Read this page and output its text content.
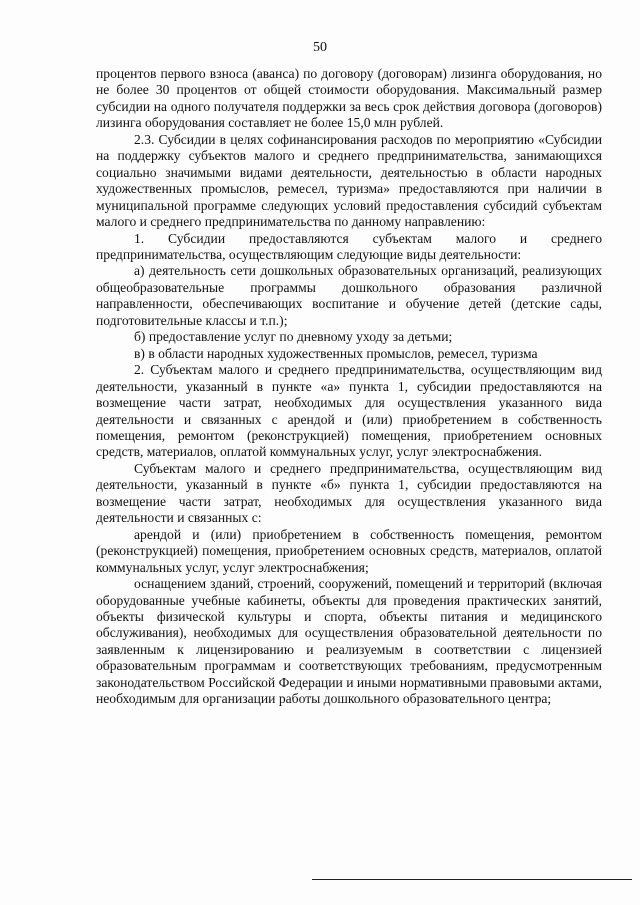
50

процентов первого взноса (аванса) по договору (договорам) лизинга оборудования, но не более 30 процентов от общей стоимости оборудования. Максимальный размер субсидии на одного получателя поддержки за весь срок действия договора (договоров) лизинга оборудования составляет не более 15,0 млн рублей.

2.3. Субсидии в целях софинансирования расходов по мероприятию «Субсидии на поддержку субъектов малого и среднего предпринимательства, занимающихся социально значимыми видами деятельности, деятельностью в области народных художественных промыслов, ремесел, туризма» предоставляются при наличии в муниципальной программе следующих условий предоставления субсидий субъектам малого и среднего предпринимательства по данному направлению:

1. Субсидии предоставляются субъектам малого и среднего предпринимательства, осуществляющим следующие виды деятельности:

а) деятельность сети дошкольных образовательных организаций, реализующих общеобразовательные программы дошкольного образования различной направленности, обеспечивающих воспитание и обучение детей (детские сады, подготовительные классы и т.п.);

б) предоставление услуг по дневному уходу за детьми;

в) в области народных художественных промыслов, ремесел, туризма

2. Субъектам малого и среднего предпринимательства, осуществляющим вид деятельности, указанный в пункте «а» пункта 1, субсидии предоставляются на возмещение части затрат, необходимых для осуществления указанного вида деятельности и связанных с арендой и (или) приобретением в собственность помещения, ремонтом (реконструкцией) помещения, приобретением основных средств, материалов, оплатой коммунальных услуг, услуг электроснабжения.

Субъектам малого и среднего предпринимательства, осуществляющим вид деятельности, указанный в пункте «б» пункта 1, субсидии предоставляются на возмещение части затрат, необходимых для осуществления указанного вида деятельности и связанных с:

арендой и (или) приобретением в собственность помещения, ремонтом (реконструкцией) помещения, приобретением основных средств, материалов, оплатой коммунальных услуг, услуг электроснабжения;

оснащением зданий, строений, сооружений, помещений и территорий (включая оборудованные учебные кабинеты, объекты для проведения практических занятий, объекты физической культуры и спорта, объекты питания и медицинского обслуживания), необходимых для осуществления образовательной деятельности по заявленным к лицензированию и реализуемым в соответствии с лицензией образовательным программам и соответствующих требованиям, предусмотренным законодательством Российской Федерации и иными нормативными правовыми актами, необходимым для организации работы дошкольного образовательного центра;
